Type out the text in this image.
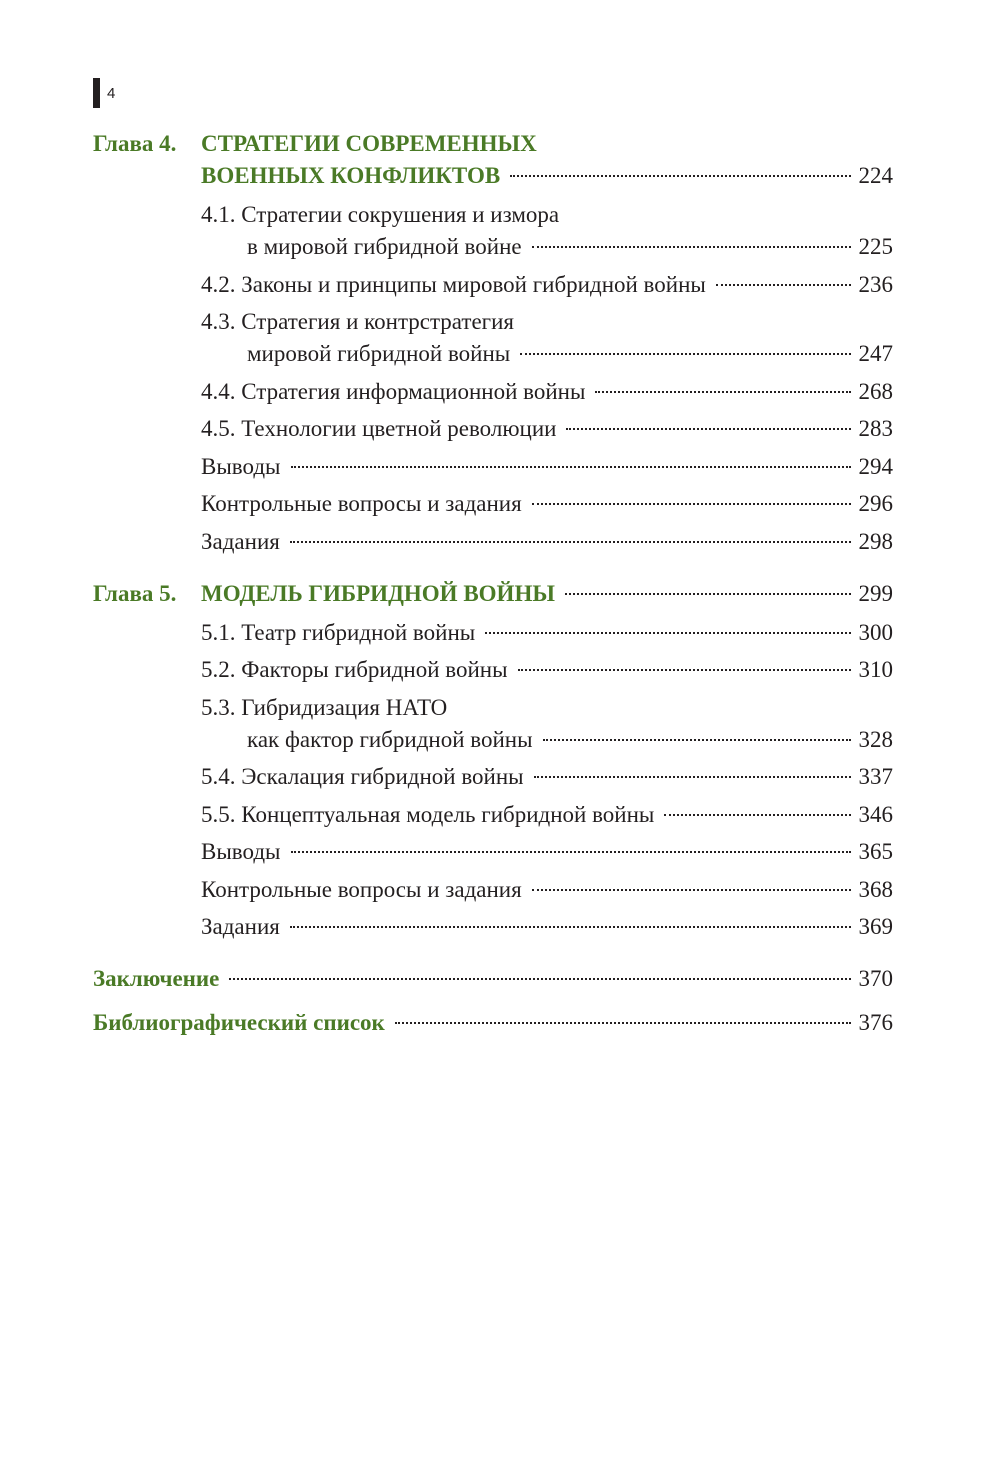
4
Глава 4.	СТРАТЕГИИ СОВРЕМЕННЫХ
ВОЕННЫХ КОНФЛИКТОВ	224
4.1. Стратегии сокрушения и измора
в мировой гибридной войне	225
4.2. Законы и принципы мировой гибридной войны	236
4.3. Стратегия и контрстратегия
мировой гибридной войны	247
4.4. Стратегия информационной войны	268
4.5. Технологии цветной революции	283
Выводы	294
Контрольные вопросы и задания	296
Задания	298
Глава 5.	МОДЕЛЬ ГИБРИДНОЙ ВОЙНЫ	299
5.1. Театр гибридной войны	300
5.2. Факторы гибридной войны	310
5.3. Гибридизация НАТО
как фактор гибридной войны	328
5.4. Эскалация гибридной войны	337
5.5. Концептуальная модель гибридной войны	346
Выводы	365
Контрольные вопросы и задания	368
Задания	369
Заключение	370
Библиографический список	376
